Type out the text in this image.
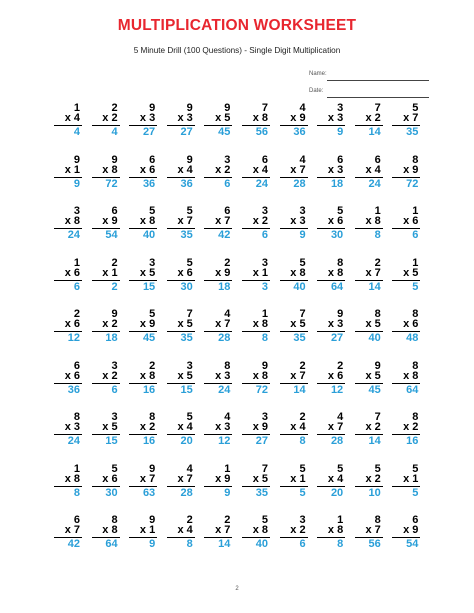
MULTIPLICATION WORKSHEET
5 Minute Drill (100 Questions) - Single Digit Multiplication
Name:
Date:
1
x 4
4
2
x 2
4
9
x 3
27
9
x 3
27
9
x 5
45
7
x 8
56
4
x 9
36
3
x 3
9
7
x 2
14
5
x 7
35
9
x 1
9
9
x 8
72
6
x 6
36
9
x 4
36
3
x 2
6
6
x 4
24
4
x 7
28
6
x 3
18
6
x 4
24
8
x 9
72
3
x 8
24
6
x 9
54
5
x 8
40
5
x 7
35
6
x 7
42
3
x 2
6
3
x 3
9
5
x 6
30
1
x 8
8
1
x 6
6
1
x 6
6
2
x 1
2
3
x 5
15
5
x 6
30
2
x 9
18
3
x 1
3
5
x 8
40
8
x 8
64
2
x 7
14
1
x 5
5
2
x 6
12
9
x 2
18
5
x 9
45
7
x 5
35
4
x 7
28
1
x 8
8
7
x 5
35
9
x 3
27
8
x 5
40
8
x 6
48
6
x 6
36
3
x 2
6
2
x 8
16
3
x 5
15
8
x 3
24
9
x 8
72
2
x 7
14
2
x 6
12
9
x 5
45
8
x 8
64
8
x 3
24
3
x 5
15
8
x 2
16
5
x 4
20
4
x 3
12
3
x 9
27
2
x 4
8
4
x 7
28
7
x 2
14
8
x 2
16
1
x 8
8
5
x 6
30
9
x 7
63
4
x 7
28
1
x 9
9
7
x 5
35
5
x 1
5
5
x 4
20
5
x 2
10
5
x 1
5
6
x 7
42
8
x 8
64
9
x 1
9
2
x 4
8
2
x 7
14
5
x 8
40
3
x 2
6
1
x 8
8
8
x 7
56
6
x 9
54
2
